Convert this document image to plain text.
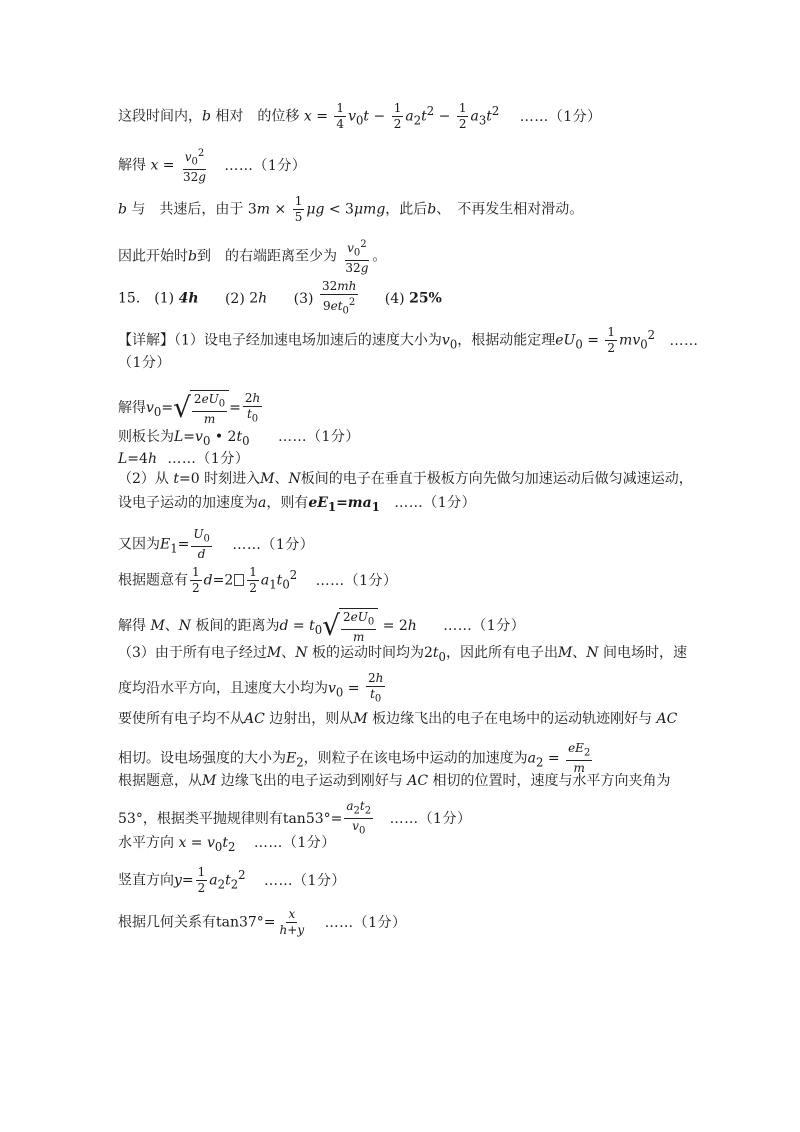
这段时间内，b 相对　的位移 $x = \frac{1}{4} v_0t - \frac{1}{2} a_2t^2 - \frac{1}{2} a_3t^2$ ……（1分）
解得 $x = \frac{v_0^2}{32g}$ ……（1分）
b 与　共速后，由于 $3m \times \frac{1}{5}$ μg < 3μmg，此后b、　不再发生相对滑动。
因此开始时b到　的右端距离至少为 $\frac{v_0^2}{32g}$ 。
15． (1) 4h (2) 2h $(3) \frac{32mh}{9et_0^2} (4)$ 25%
【详解】（1）设电子经加速电场加速后的速度大小为$v_0$，根据动能定理$eU_0 = \frac{1}{2} mv_0^2$ ……
（1分）
解得$v_0=$ √ $2eU_0$
m
= $\frac{2h}{t_0}$
则板长为$L=v_0$ • $2t_0$ ……（1分）
L=4h ……（1分）
（2）从 t=0 时刻进入M、N板间的电子在垂直于极板方向先做匀加速运动后做匀减速运动，
设电子运动的加速度为a，则有$eE_1=ma_1$ ……（1分）
又因为$E_1= \frac{U_0}{d}$ ……（1分）
根据题意有 $\frac{1}{2} d=2 \frac{1}{2} a_1t_0^2$ ……（1分）
解得 M、N 板间的距离为$d = t_0$ √ $2eU_0$
m
= 2h ……（1分）
（3）由于所有电子经过M、N 板的运动时间均为$2t_0$，因此所有电子出M、N 间电场时，速
度均沿水平方向，且速度大小均为$v_0 = \frac{2h}{t_0}$
要使所有电子均不从AC 边射出，则从M 板边缘飞出的电子在电场中的运动轨迹刚好与 AC
相切。设电场强度的大小为$E_2$，则粒子在该电场中运动的加速度为$a_2 = \frac{eE_2}{m}$
根据题意，从M 边缘飞出的电子运动到刚好与 AC 相切的位置时，速度与水平方向夹角为
53°，根据类平抛规律则有$\tan 53^\circ= \frac{a_2t_2}{v_0}$ ……（1分）
水平方向 $x = v_0t_2$ ……（1分）
竖直方向$y= \frac{1}{2} a_2t_2^2$ ……（1分）
根据几何关系有$\tan 37^\circ= \frac{x}{h+y}$ ……（1分）
